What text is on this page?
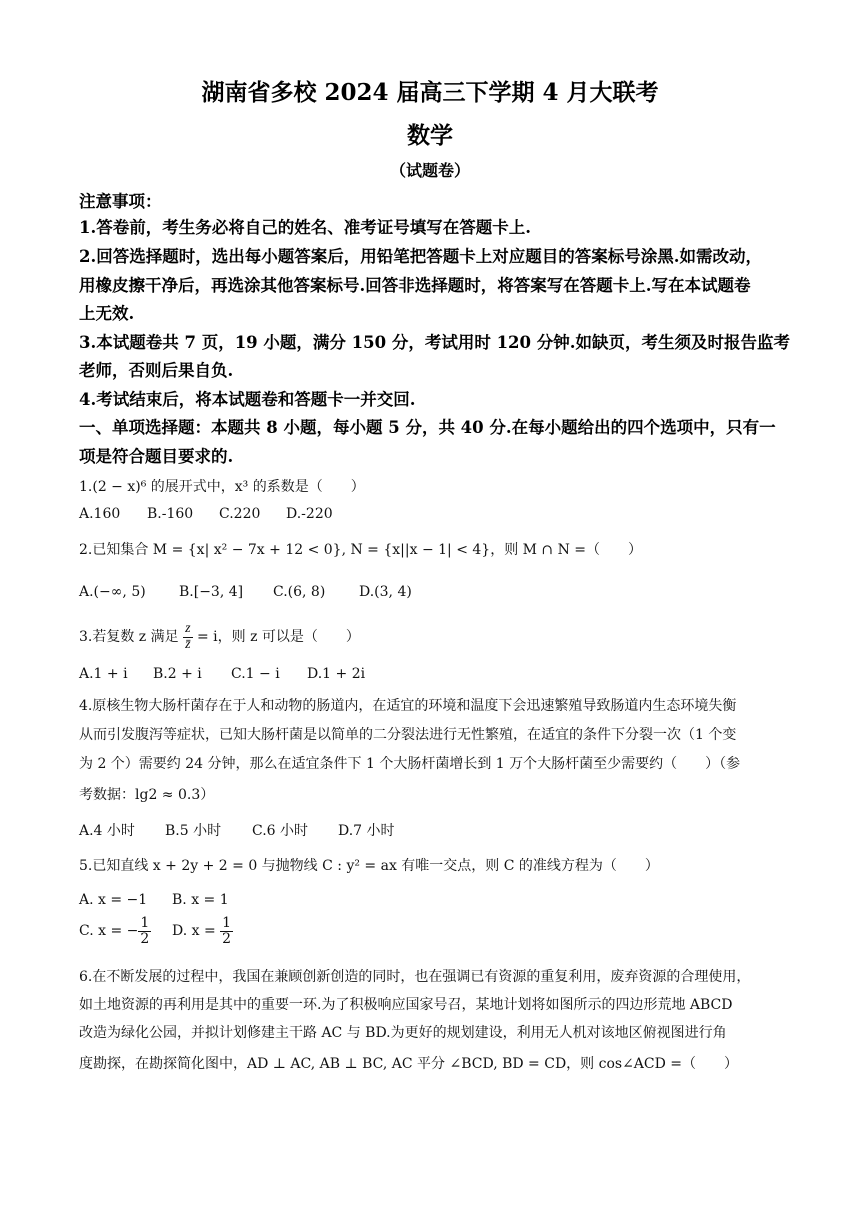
湖南省多校 2024 届高三下学期 4 月大联考
数学
（试题卷）
注意事项：
1.答卷前，考生务必将自己的姓名、准考证号填写在答题卡上.
2.回答选择题时，选出每小题答案后，用铅笔把答题卡上对应题目的答案标号涂黑.如需改动，
用橡皮擦干净后，再选涂其他答案标号.回答非选择题时，将答案写在答题卡上.写在本试题卷
上无效.
3.本试题卷共 7 页，19 小题，满分 150 分，考试用时 120 分钟.如缺页，考生须及时报告监考
老师，否则后果自负.
4.考试结束后，将本试题卷和答题卡一并交回.
一、单项选择题：本题共 8 小题，每小题 5 分，共 40 分.在每小题给出的四个选项中，只有一
项是符合题目要求的.
1.(2 − x)⁶ 的展开式中，x³ 的系数是（　　）
A.160 B.-160 C.220 D.-220
2.已知集合 M = {x| x² − 7x + 12 < 0}, N = {x||x − 1| < 4}，则 M ∩ N =（　　）
A.(−∞, 5) B.[−3, 4] C.(6, 8) D.(3, 4)
3.若复数 z 满足 $\frac{z}{z̄} = i$，则 z 可以是（　　）
A.1 + i B.2 + i C.1 − i D.1 + 2i
4.原核生物大肠杆菌存在于人和动物的肠道内，在适宜的环境和温度下会迅速繁殖导致肠道内生态环境失衡
从而引发腹泻等症状，已知大肠杆菌是以简单的二分裂法进行无性繁殖，在适宜的条件下分裂一次（1 个变
为 2 个）需要约 24 分钟，那么在适宜条件下 1 个大肠杆菌增长到 1 万个大肠杆菌至少需要约（　　）（参
考数据：lg2 ≈ 0.3）
A.4 小时 B.5 小时 C.6 小时 D.7 小时
5.已知直线 x + 2y + 2 = 0 与抛物线 C : y² = ax 有唯一交点，则 C 的准线方程为（　　）
A. x = −1 B. x = 1
C. x = − $\frac{1}{2} D$. $x = \frac{1}{2}$
6.在不断发展的过程中，我国在兼顾创新创造的同时，也在强调已有资源的重复利用，废弃资源的合理使用，
如土地资源的再利用是其中的重要一环.为了积极响应国家号召，某地计划将如图所示的四边形荒地 ABCD
改造为绿化公园，并拟计划修建主干路 AC 与 BD.为更好的规划建设，利用无人机对该地区俯视图进行角
度勘探，在勘探简化图中，AD ⊥ AC, AB ⊥ BC, AC 平分 ∠BCD, BD = CD，则 cos∠ACD =（　　）
